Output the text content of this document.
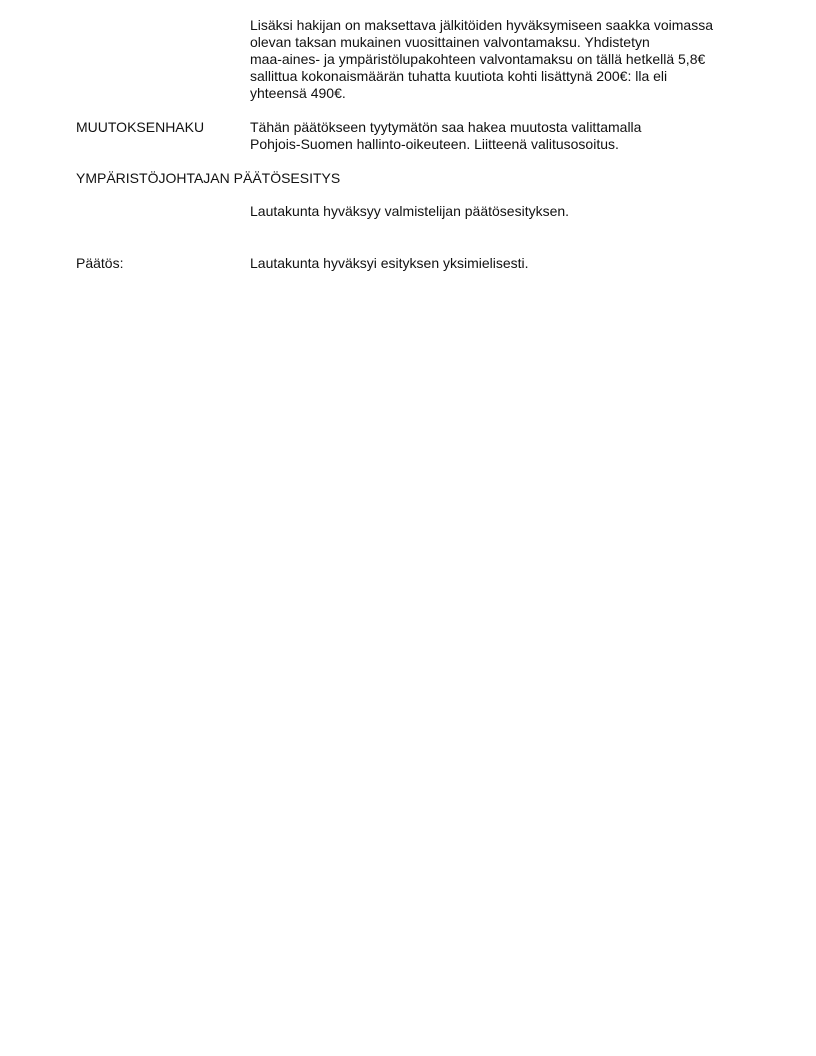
Lisäksi hakijan on maksettava jälkitöiden hyväksymiseen saakka voimassa
olevan taksan mukainen vuosittainen valvontamaksu. Yhdistetyn
maa-aines- ja ympäristölupakohteen valvontamaksu on tällä hetkellä 5,8€
sallittua kokonaismäärän tuhatta kuutiota kohti lisättynä 200€: lla eli
yhteensä 490€.
MUUTOKSENHAKU	Tähän päätökseen tyytymätön saa hakea muutosta valittamalla
Pohjois-Suomen hallinto-oikeuteen. Liitteenä valitusosoitus.
YMPÄRISTÖJOHTAJAN PÄÄTÖSESITYS
Lautakunta hyväksyy valmistelijan päätösesityksen.
Päätös:	Lautakunta hyväksyi esityksen yksimielisesti.
